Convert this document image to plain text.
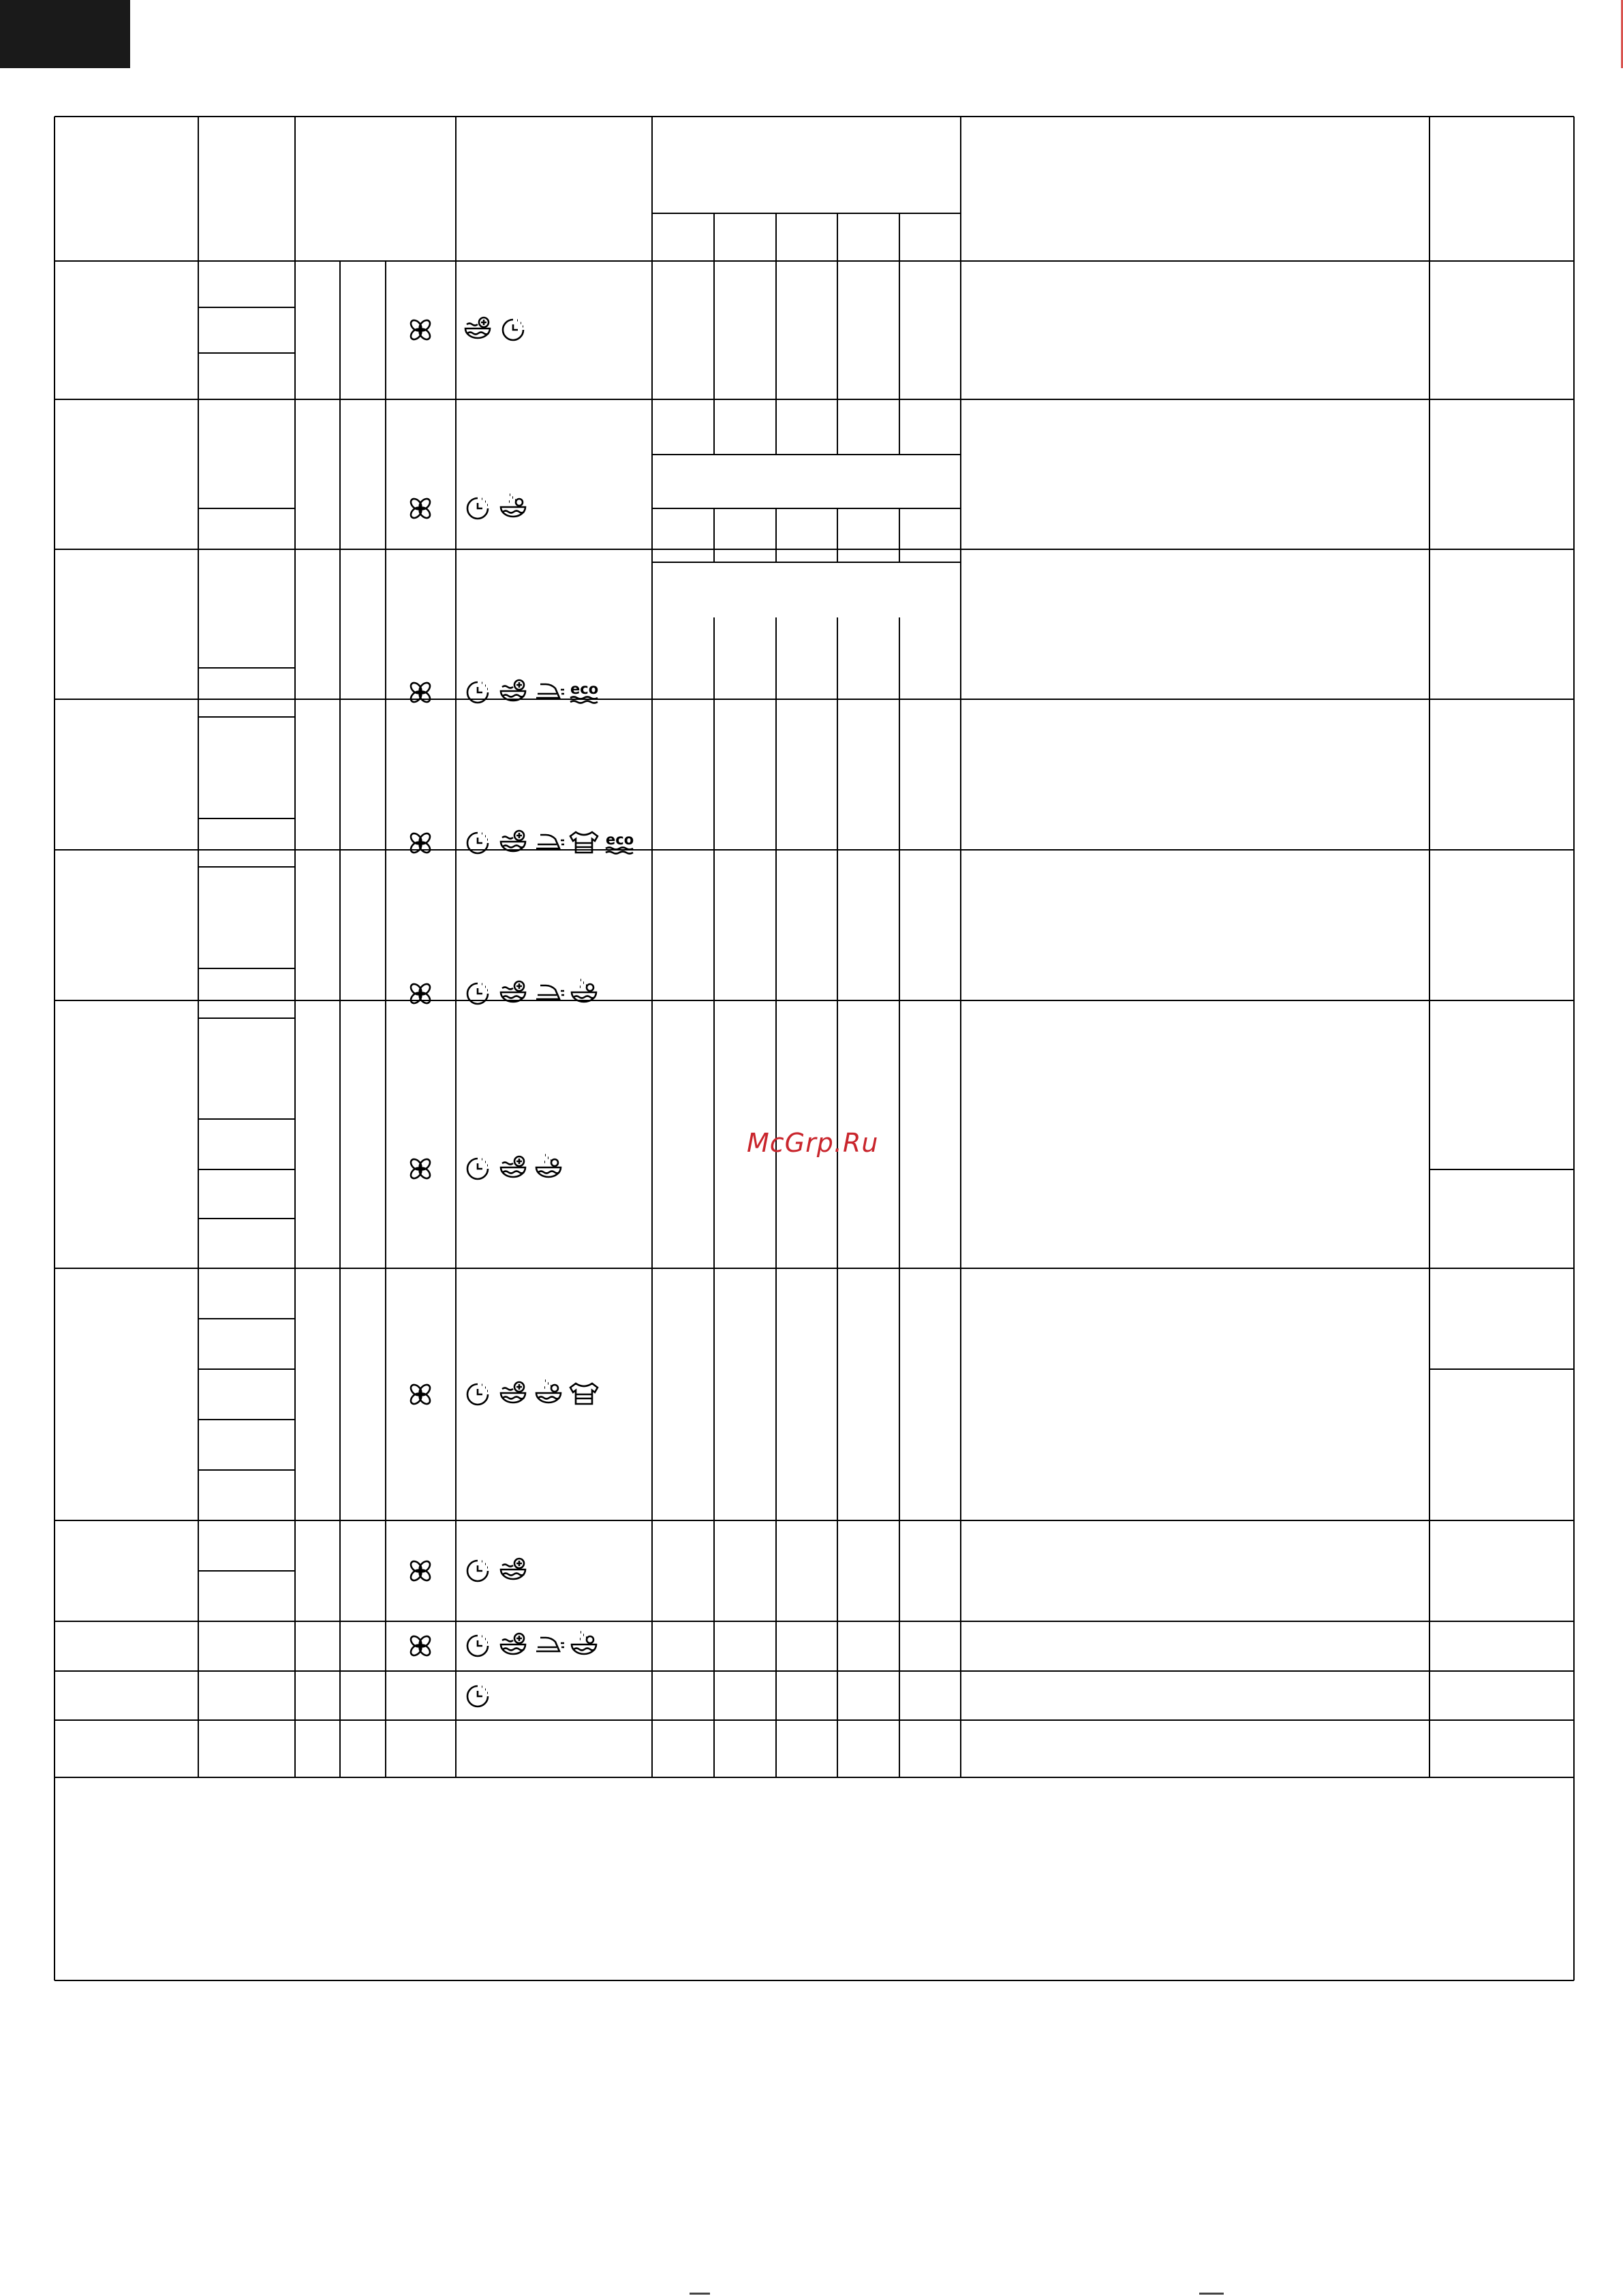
eco
eco
McGrp.Ru
